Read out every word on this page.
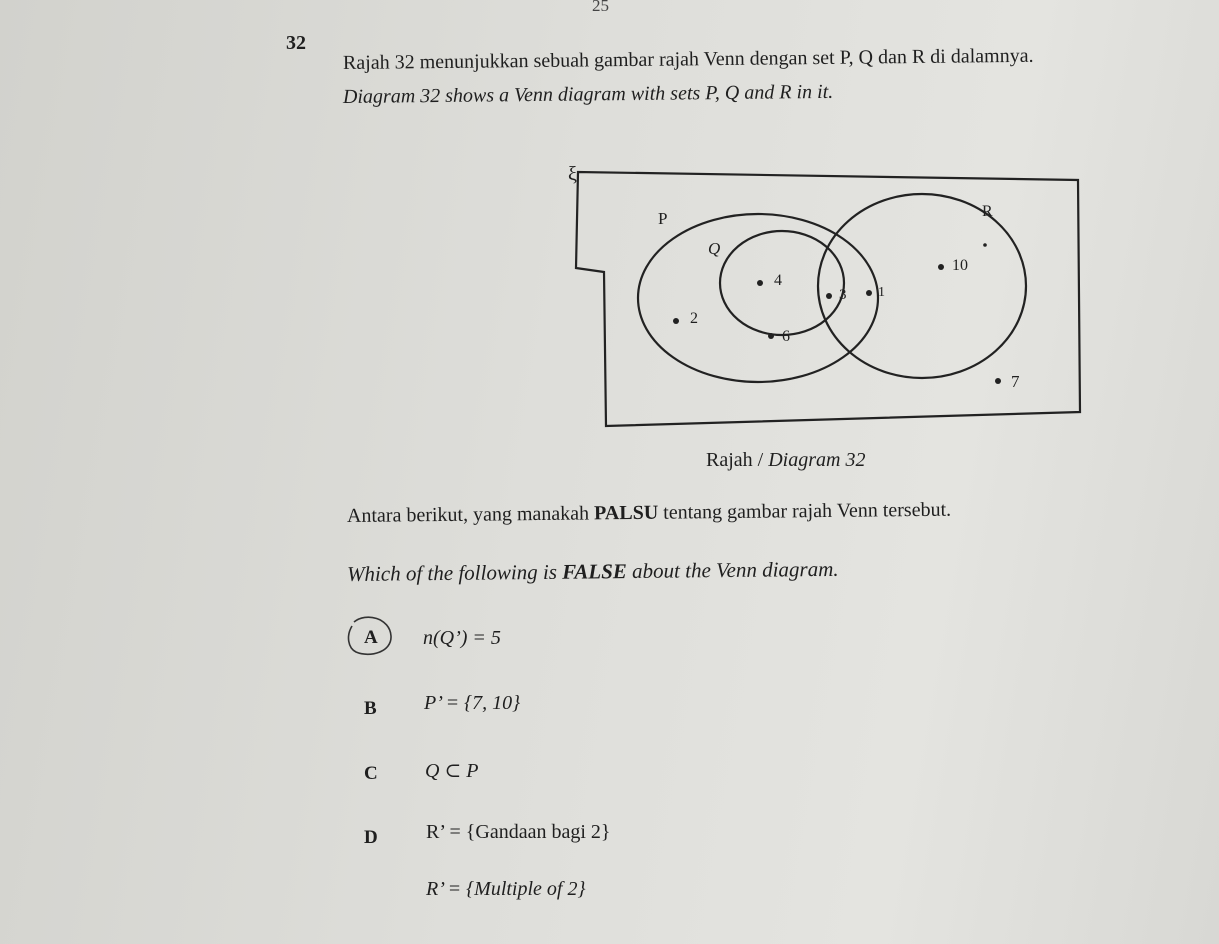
25
32
Rajah 32 menunjukkan sebuah gambar rajah Venn dengan set P, Q dan R di dalamnya.
Diagram 32 shows a Venn diagram with sets P, Q and R in it.
ξ
P
Q
R
4
2
6
3 1
10
7
Rajah / Diagram 32
Antara berikut, yang manakah PALSU tentang gambar rajah Venn tersebut.
Which of the following is FALSE about the Venn diagram.
A n(Q’) = 5
B P’ = {7, 10}
C Q ⊂ P
D R’ = {Gandaan bagi 2}
R’ = {Multiple of 2}
